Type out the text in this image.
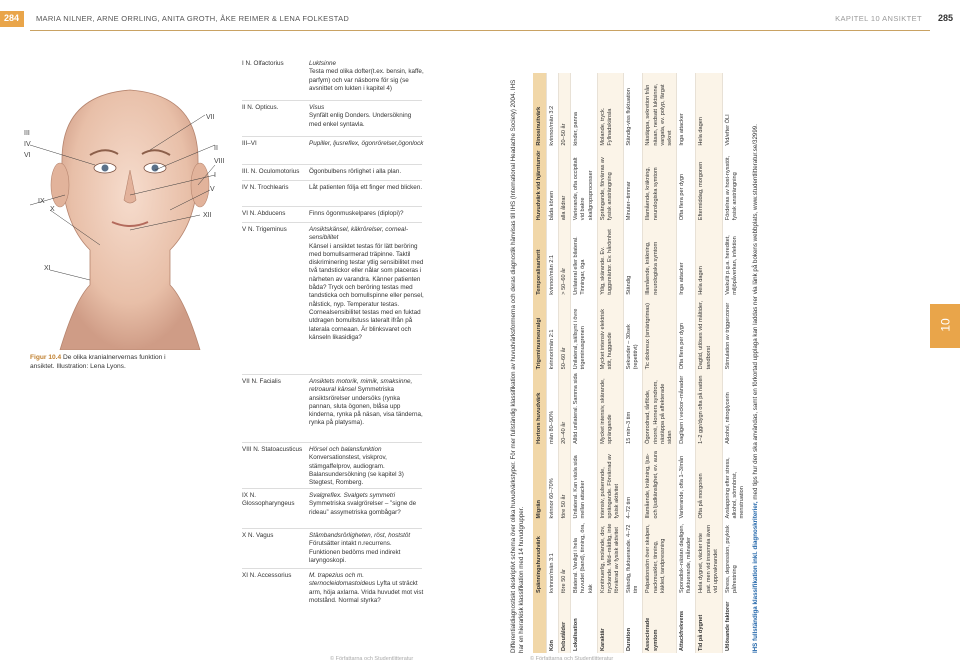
284 MARIA NILNER, ARNE ORRLING, ANITA GROTH, ÅKE REIMER & LENA FOLKESTAD	KAPITEL 10 ANSIKTET 285
III
IV
VI
IX
X
XI
VII
II
VIII
I
V
XII
Figur 10.4 De olika kranialnervernas funktion i ansiktet. Illustration: Lena Lyons.
I N. Olfactorius	Luktsinne
Testa med olika dofter(t.ex. bensin, kaffe, parfym) och var näsborre för sig (se avsnittet om lukten i kapitel 4)
II N. Opticus.	Visus
Synfält enlig Donders. Undersökning med enkel syntavla.
III–VI	Pupiller, ljusreflex, ögonrörelser,ögonlock
III. N. Oculomotorius	Ögonbulbens rörlighet i alla plan.
IV N. Trochlearis	Låt patienten följa ett finger med blicken.
VI N. Abducens	Finns ögonmuskelpares (diplopi)?
V N. Trigeminus	Ansiktskänsel, käkrörelser, corneal-sensibilitet
Känsel i ansiktet testas för lätt beröring med bomullsarmerad träpinne. Taktil diskriminering testar ytlig sensibilitet med två tandstickor eller nålar som placeras i närheten av varandra. Känner patienten båda? Tryck och beröring testas med tandsticka och bomullspinne eller pensel, nålstick, nyp. Temperatur testas. Cornealsensibilitet testas med en fuktad utdragen bomullstuss lateralt ifrån på laterala corneaan. Är blinksvaret och känseln likasidiga?
VII N. Facialis	Ansiktets motorik, mimik, smaksinne, retroaural känsel Symmetriska ansiktsrörelser undersöks (rynka pannan, sluta ögonen, blåsa upp kinderna, rynka på näsan, visa tänderna, rynka på platysma).
VIII N. Statoacusticus	Hörsel och balansfunktion Konversationstest, viskprov, stämgaffelprov, audiogram. Balansundersökning (se kapitel 3) Stegtest, Romberg.
IX N. Glossopharyngeus
Svalgreflex. Svalgets symmetri Symmetriska svalgrörelser – ”signe de rideau” assymetriska gombågar?
X N. Vagus	Stämbandsrörligheten, röst, hoststöt Förutsätter intakt n.recurrens. Funktionen bedöms med indirekt laryngoskopi.
XI N. Accessorius	M. trapezius och m. sternocleidomastoideus Lyfta ut sträckt arm, höja axlarna. Vrida huvudet mot vist motstånd. Normal styrka?	Differentialdiagnostiskt deskriptivt schema över olika huvudvärkstyper. För mer fullständig klassifikation av huvudvärksformerna och deras diagnostik hänvisas till IHS (International Headache Society) 2004. IHS har en hierarkisk klassifikation med 14 huvudgrupper.
	Spänningshuvudvärk	Migrän	Hortons huvudvärk	Trigeminusneuralgi	Temporalisarterit	Huvudvärk vid hjärntumör	Rinosinuitvärk
Kön	kvinnor/män 3:1	kvinnor 60–70%	män 80–90%	kvinnor/män 2:1	kvinnor/män 2:1	båda könen	kvinnor/män 3:2
Debutålder	före 50 år	före 50 år	20–40 år	50–60 år	> 50–60 år	alla åldrar	20–50 år
Lokalisation	Bilateral. Vanligt i hela huvudet (band), tinning, öra, käk	Unilateral. Kan växla sida mellan attacker	Alltid unilateral. Samma sida	Unilateral, sällsynt i övre trigeminusgrenen	Unilateral eller bilateral. Tinningar, öga	Varierande, ofta occipitalt vid bakre skallgropsprocesser	kinder, panna
Karaktär	Kontinuerlig, molande, dov, tryckande. Mild–måttlig, inte förvärrad av fysisk aktivitet	Intensiv, pulserande, sprängande. Förvärrad av fysisk aktivitet	Mycket intensiv, skärande, sprängande	Mycket intensiv elektrisk stöt, huggande	Ytlig, skärande. Ev. tuggsmärtor. Ev. hårömhet	Sprängande, förvärras av fysisk ansträngning	Molande, tryck. Fyllnadskänsla
Duration	Ständig, fluktuerande. 4–72 tim	4–72 tim	15 min–3 tim	Sekunder – 30sek (repetitivt)	Ständig	Minuter–timmar	Ständig-viss fluktuation
Associerade symtom	Palpationsöm över skalpen, nackmuskler, tinning, käkled, tandpressning	Illamående, kräkning, ljus- och ljudkänslighet, ev. aura	Ögonrodnad, tårflöde, rinorré, Horners syndrom, nästäppa på affekterade sidan	Tic doloreux (smärtgrimas)	Illamående, kräkning, neurologiska symtom	Illamående, kräkning, neurologiska symtom	Nästäppa, sekretion från näsan, nedsatt luktsinne, vargata, ev. polyp, färgat sekret
Attackfrekvens	Sporadisk–nästan dagligen, fluktuerande, månader	Varierande, ofta 1–3/mån	Dagligen i veckor–månader	Ofta flera per dygn	Inga attacker	Ofta flera per dygn	Inga attacker
Tid på dygnet	Hela dygnet, väcker inte pat. men vid insomnia även vid uppvaknandet	Ofta på morgonen	1–2 ggr/dygn ofta på natten	Dagtid, utlöses vid måltider, tandborst	Hela dagen	Eftermiddag, morgonen	Hela dagen
Utlösande faktorer	Stress, depression, psykisk påfrestning	Avslappning efter stress, alkohol, sömnbrist, menstruation	Alkohol, nitroglycerin	Stimulation av triggerzoner	Vaskulit p.g.a. hereditet, miljöpåverkan, infektion	Fördelras av host-nysstöt, fysisk ansträngning	Vid/efter ÖLI
IHS fullständiga klassifikation inkl. diagnoskriterier, med tips hur den ska användas, samt en förkortad upplaga kan laddas ner via länk på bokens webbplats, www.studentlitteratur.se/32999.	10
© Författarna och Studentlitteratur	© Författarna och Studentlitteratur
